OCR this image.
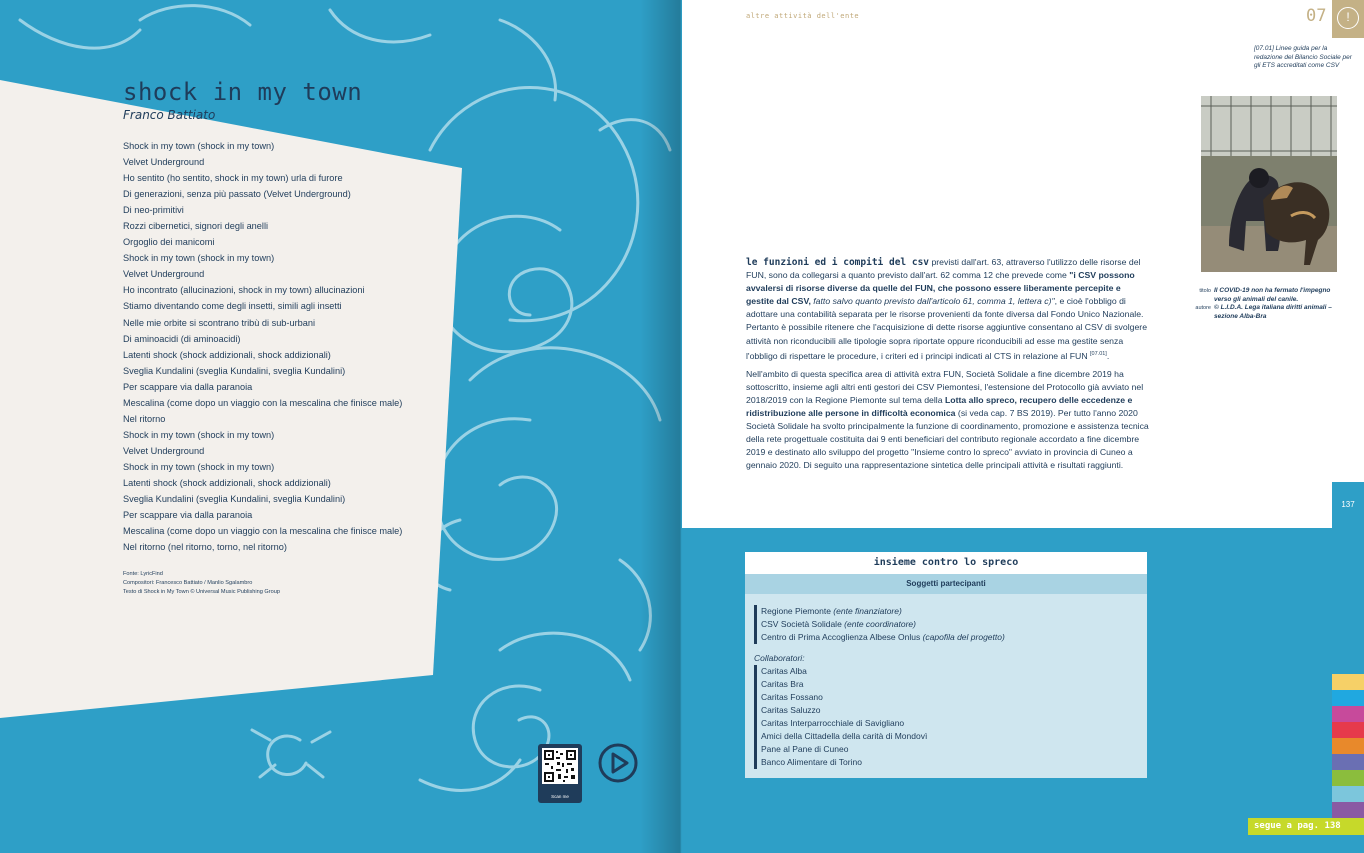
shock in my town
Franco Battiato
Shock in my town (shock in my town)
Velvet Underground
Ho sentito (ho sentito, shock in my town) urla di furore
Di generazioni, senza più passato (Velvet Underground)
Di neo-primitivi
Rozzi cibernetici, signori degli anelli
Orgoglio dei manicomi
Shock in my town (shock in my town)
Velvet Underground
Ho incontrato (allucinazioni, shock in my town) allucinazioni
Stiamo diventando come degli insetti, simili agli insetti
Nelle mie orbite si scontrano tribù di sub-urbani
Di aminoacidi (di aminoacidi)
Latenti shock (shock addizionali, shock addizionali)
Sveglia Kundalini (sveglia Kundalini, sveglia Kundalini)
Per scappare via dalla paranoia
Mescalina (come dopo un viaggio con la mescalina che finisce male)
Nel ritorno
Shock in my town (shock in my town)
Velvet Underground
Shock in my town (shock in my town)
Latenti shock (shock addizionali, shock addizionali)
Sveglia Kundalini (sveglia Kundalini, sveglia Kundalini)
Per scappare via dalla paranoia
Mescalina (come dopo un viaggio con la mescalina che finisce male)
Nel ritorno (nel ritorno, torno, nel ritorno)
Fonte: LyricFind
Compositori: Francesco Battiato / Manlio Sgalambro
Testo di Shock in My Town © Universal Music Publishing Group
Scan me
altre attività dell'ente	07	!
[07.01] Linee guida per la redazione del Bilancio Sociale per gli ETS accreditati come CSV
titolo Il COVID-19 non ha fermato l'impegno verso gli animali del canile.
autore © L.I.D.A. Lega italiana diritti animali – sezione Alba-Bra

le funzioni ed i compiti del csv previsti dall'art. 63, attraverso l'utilizzo delle risorse del FUN, sono da collegarsi a quanto previsto dall'art. 62 comma 12 che prevede come "i CSV possono avvalersi di risorse diverse da quelle del FUN, che possono essere liberamente percepite e gestite dal CSV, fatto salvo quanto previsto dall'articolo 61, comma 1, lettera c)", e cioè l'obbligo di adottare una contabilità separata per le risorse provenienti da fonte diversa dal Fondo Unico Nazionale. Pertanto è possibile ritenere che l'acquisizione di dette risorse aggiuntive consentano al CSV di svolgere attività non riconducibili alle tipologie sopra riportate oppure riconducibili ad esse ma gestite senza l'obbligo di rispettare le procedure, i criteri ed i principi indicati al CTS in relazione al FUN [07.01].

Nell'ambito di questa specifica area di attività extra FUN, Società Solidale a fine dicembre 2019 ha sottoscritto, insieme agli altri enti gestori dei CSV Piemontesi, l'estensione del Protocollo già avviato nel 2018/2019 con la Regione Piemonte sul tema della Lotta allo spreco, recupero delle eccedenze e ridistribuzione alle persone in difficoltà economica (si veda cap. 7 BS 2019). Per tutto l'anno 2020 Società Solidale ha svolto principalmente la funzione di coordinamento, promozione e assistenza tecnica della rete progettuale costituita dai 9 enti beneficiari del contributo regionale accordato a fine dicembre 2019 e destinato allo sviluppo del progetto "Insieme contro lo spreco" avviato in provincia di Cuneo a gennaio 2020. Di seguito una rappresentazione sintetica delle principali attività e risultati raggiunti.

137
insieme contro lo spreco
Soggetti partecipanti
Regione Piemonte (ente finanziatore)
CSV Società Solidale (ente coordinatore)
Centro di Prima Accoglienza Albese Onlus (capofila del progetto)
Collaboratori:
Caritas Alba
Caritas Bra
Caritas Fossano
Caritas Saluzzo
Caritas Interparrocchiale di Savigliano
Amici della Cittadella della carità di Mondovì
Pane al Pane di Cuneo
Banco Alimentare di Torino
segue a pag. 138
